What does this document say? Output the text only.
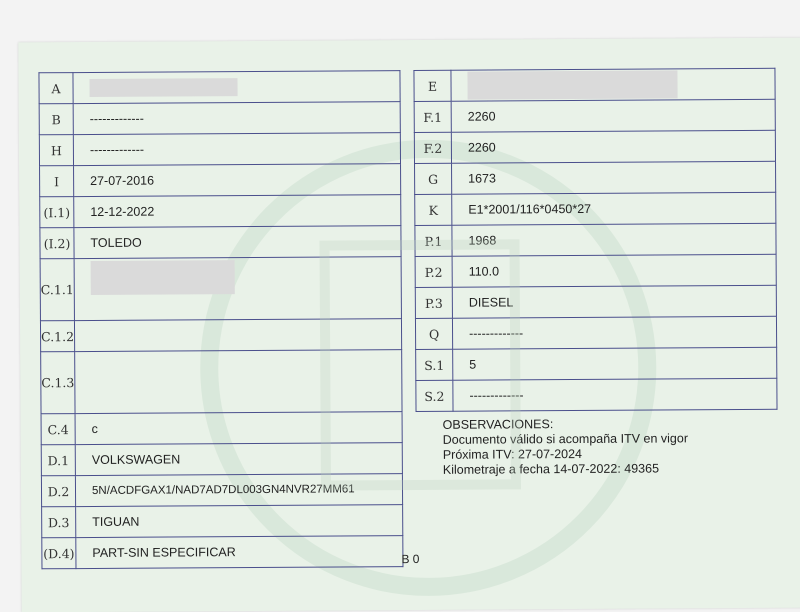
A	
B	-------------
H	-------------
I	27-07-2016
(I.1)	12-12-2022
(I.2)	TOLEDO
C.1.1	
C.1.2	
C.1.3	
C.4	c
D.1	VOLKSWAGEN
D.2	5N/ACDFGAX1/NAD7AD7DL003GN4NVR27MM61
D.3	TIGUAN
(D.4)	PART-SIN ESPECIFICAR
E	
F.1	2260
F.2	2260
G	1673
K	E1*2001/116*0450*27
P.1	1968
P.2	110.0
P.3	DIESEL
Q	-------------
S.1	5
S.2	-------------
OBSERVACIONES:
Documento válido si acompaña ITV en vigor
Próxima ITV: 27-07-2024
Kilometraje a fecha 14-07-2022: 49365
B 0
